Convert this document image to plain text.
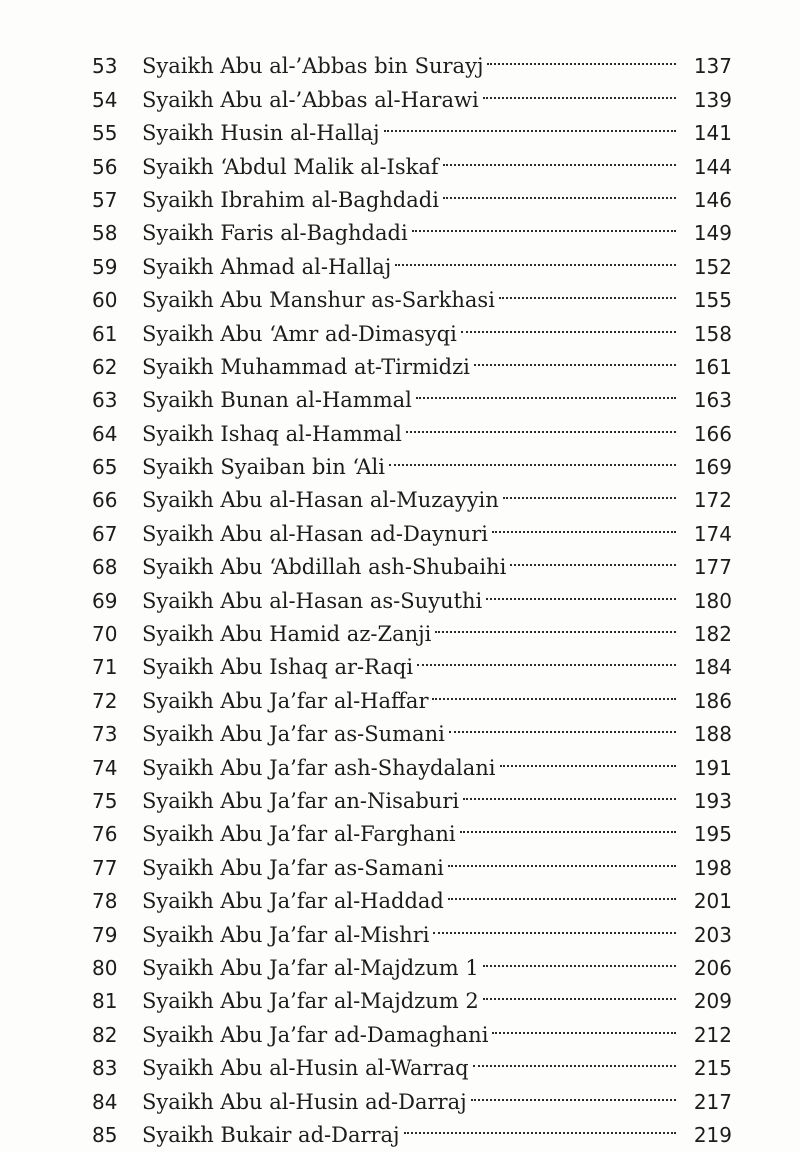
53	Syaikh Abu al-’Abbas bin Surayj	137
54	Syaikh Abu al-’Abbas al-Harawi	139
55	Syaikh Husin al-Hallaj	141
56	Syaikh ‘Abdul Malik al-Iskaf	144
57	Syaikh Ibrahim al-Baghdadi	146
58	Syaikh Faris al-Baghdadi	149
59	Syaikh Ahmad al-Hallaj	152
60	Syaikh Abu Manshur as-Sarkhasi	155
61	Syaikh Abu ‘Amr ad-Dimasyqi	158
62	Syaikh Muhammad at-Tirmidzi	161
63	Syaikh Bunan al-Hammal	163
64	Syaikh Ishaq al-Hammal	166
65	Syaikh Syaiban bin ‘Ali	169
66	Syaikh Abu al-Hasan al-Muzayyin	172
67	Syaikh Abu al-Hasan ad-Daynuri	174
68	Syaikh Abu ‘Abdillah ash-Shubaihi	177
69	Syaikh Abu al-Hasan as-Suyuthi	180
70	Syaikh Abu Hamid az-Zanji	182
71	Syaikh Abu Ishaq ar-Raqi	184
72	Syaikh Abu Ja’far al-Haffar	186
73	Syaikh Abu Ja’far as-Sumani	188
74	Syaikh Abu Ja’far ash-Shaydalani	191
75	Syaikh Abu Ja’far an-Nisaburi	193
76	Syaikh Abu Ja’far al-Farghani	195
77	Syaikh Abu Ja’far as-Samani	198
78	Syaikh Abu Ja’far al-Haddad	201
79	Syaikh Abu Ja’far al-Mishri	203
80	Syaikh Abu Ja’far al-Majdzum 1	206
81	Syaikh Abu Ja’far al-Majdzum 2	209
82	Syaikh Abu Ja’far ad-Damaghani	212
83	Syaikh Abu al-Husin al-Warraq	215
84	Syaikh Abu al-Husin ad-Darraj	217
85	Syaikh Bukair ad-Darraj	219
